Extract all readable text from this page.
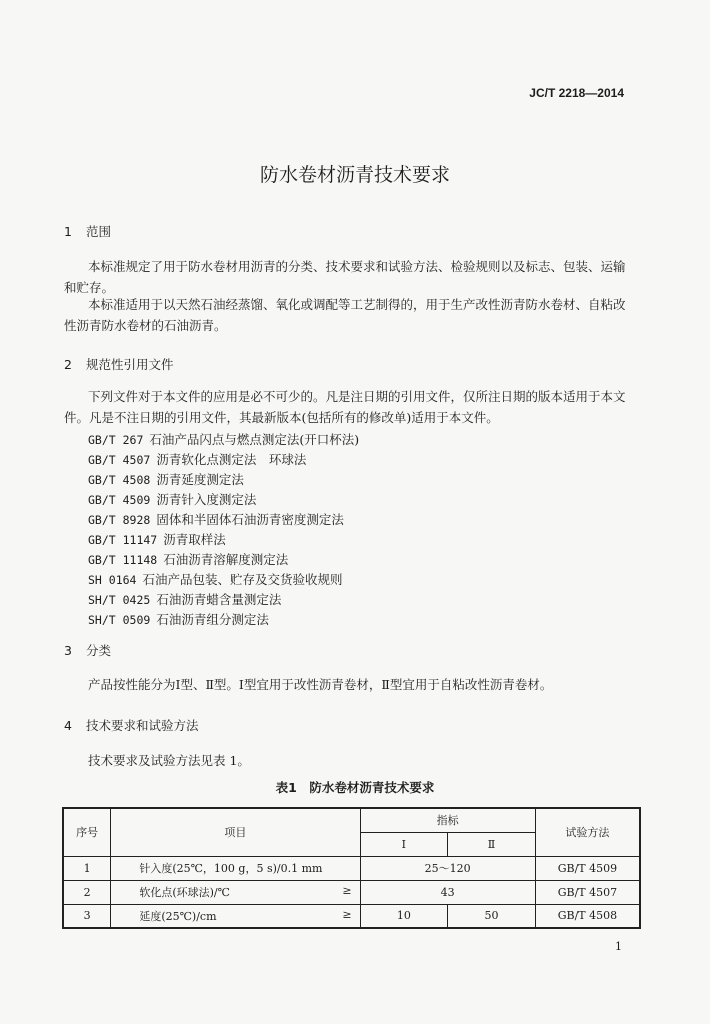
JC/T 2218—2014
防水卷材沥青技术要求
1 范围
本标准规定了用于防水卷材用沥青的分类、技术要求和试验方法、检验规则以及标志、包装、运输和贮存。
本标准适用于以天然石油经蒸馏、氧化或调配等工艺制得的，用于生产改性沥青防水卷材、自粘改性沥青防水卷材的石油沥青。
2 规范性引用文件
下列文件对于本文件的应用是必不可少的。凡是注日期的引用文件，仅所注日期的版本适用于本文件。凡是不注日期的引用文件，其最新版本(包括所有的修改单)适用于本文件。
GB/T 267 石油产品闪点与燃点测定法(开口杯法)
GB/T 4507 沥青软化点测定法　环球法
GB/T 4508 沥青延度测定法
GB/T 4509 沥青针入度测定法
GB/T 8928 固体和半固体石油沥青密度测定法
GB/T 11147 沥青取样法
GB/T 11148 石油沥青溶解度测定法
SH 0164 石油产品包装、贮存及交货验收规则
SH/T 0425 石油沥青蜡含量测定法
SH/T 0509 石油沥青组分测定法
3 分类
产品按性能分为Ⅰ型、Ⅱ型。Ⅰ型宜用于改性沥青卷材，Ⅱ型宜用于自粘改性沥青卷材。
4 技术要求和试验方法
技术要求及试验方法见表 1。
表1　防水卷材沥青技术要求
序号	项目	指标		试验方法
		Ⅰ	Ⅱ	
1	针入度(25℃，100 g，5 s)/0.1 mm	25～120		GB/T 4509
2	软化点(环球法)/℃ ≥	43		GB/T 4507
3	延度(25℃)/cm ≥	10	50	GB/T 4508
1
